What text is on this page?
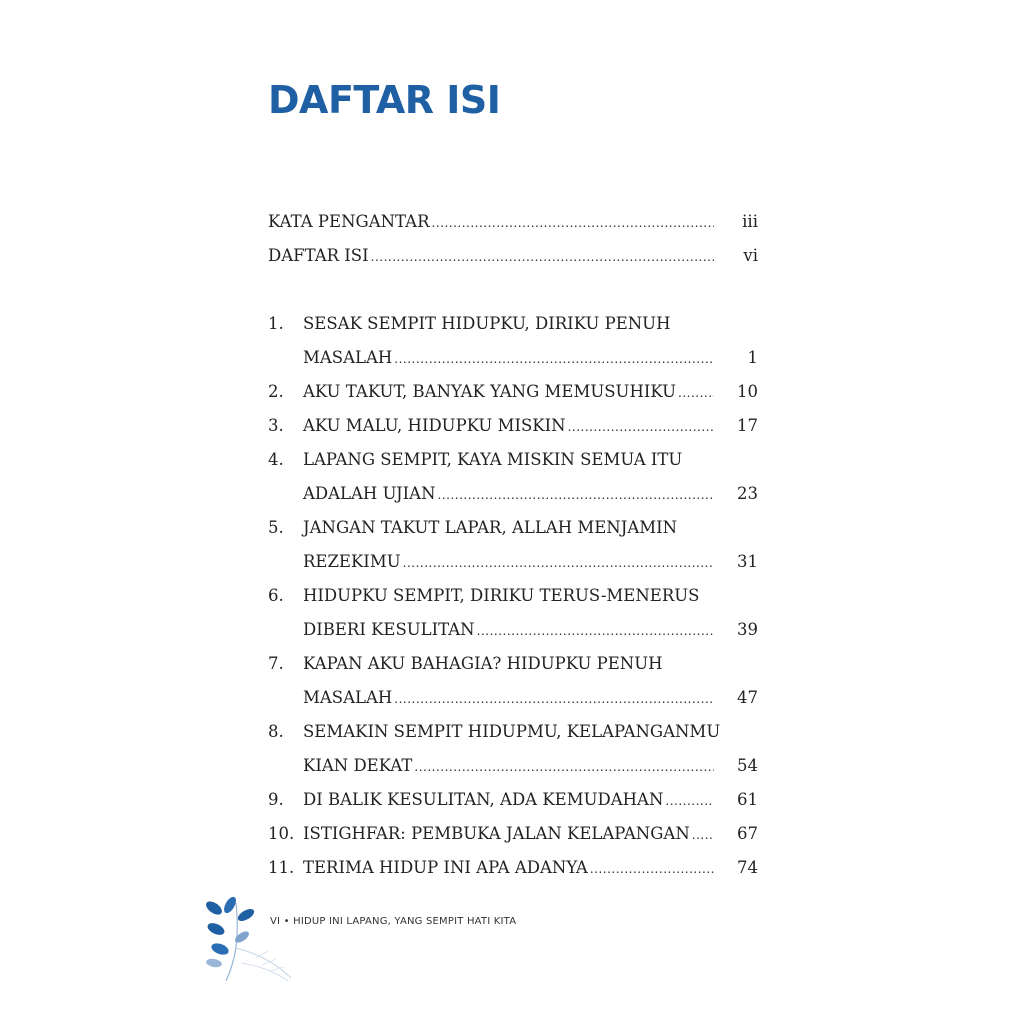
DAFTAR ISI
KATA PENGANTAR .....	iii
DAFTAR ISI .....	vi
1.	SESAK SEMPIT HIDUPKU, DIRIKU PENUH
MASALAH .....	1
2.	AKU TAKUT, BANYAK YANG MEMUSUHIKU .....	10
3.	AKU MALU, HIDUPKU MISKIN .....	17
4.	LAPANG SEMPIT, KAYA MISKIN SEMUA ITU
ADALAH UJIAN .....	23
5.	JANGAN TAKUT LAPAR, ALLAH MENJAMIN
REZEKIMU .....	31
6.	HIDUPKU SEMPIT, DIRIKU TERUS-MENERUS
DIBERI KESULITAN .....	39
7.	KAPAN AKU BAHAGIA? HIDUPKU PENUH
MASALAH .....	47
8.	SEMAKIN SEMPIT HIDUPMU, KELAPANGANMU
KIAN DEKAT .....	54
9.	DI BALIK KESULITAN, ADA KEMUDAHAN .....	61
10. ISTIGHFAR: PEMBUKA JALAN KELAPANGAN .....	67
11. TERIMA HIDUP INI APA ADANYA .....	74
VI • HIDUP INI LAPANG, YANG SEMPIT HATI KITA
